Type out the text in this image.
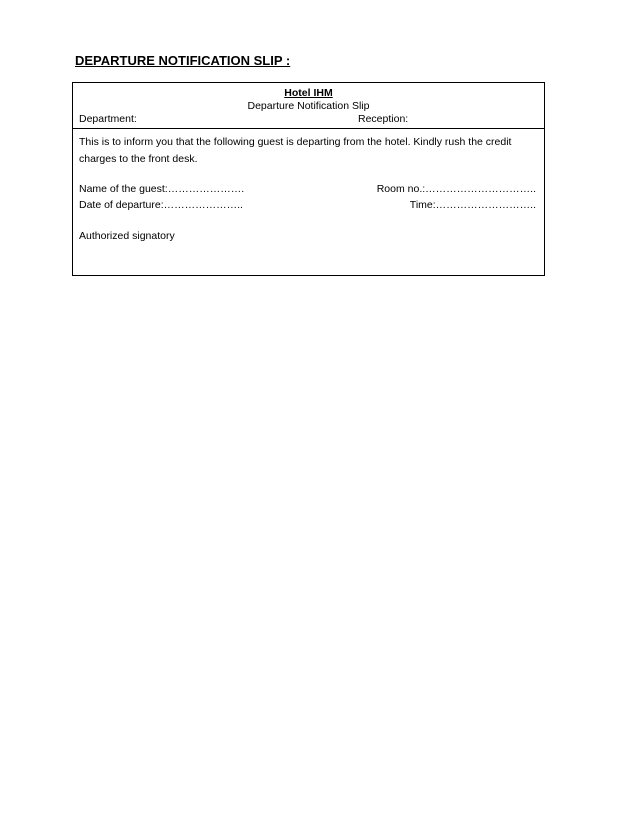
DEPARTURE NOTIFICATION SLIP :
Hotel IHM
Departure Notification Slip
Department:	Reception:
This is to inform you that the following guest is departing from the hotel. Kindly rush the credit charges to the front desk.
Name of the guest:………………….	Room no.:…………………………..
Date of departure:…………………..	Time:………………………..
Authorized signatory
